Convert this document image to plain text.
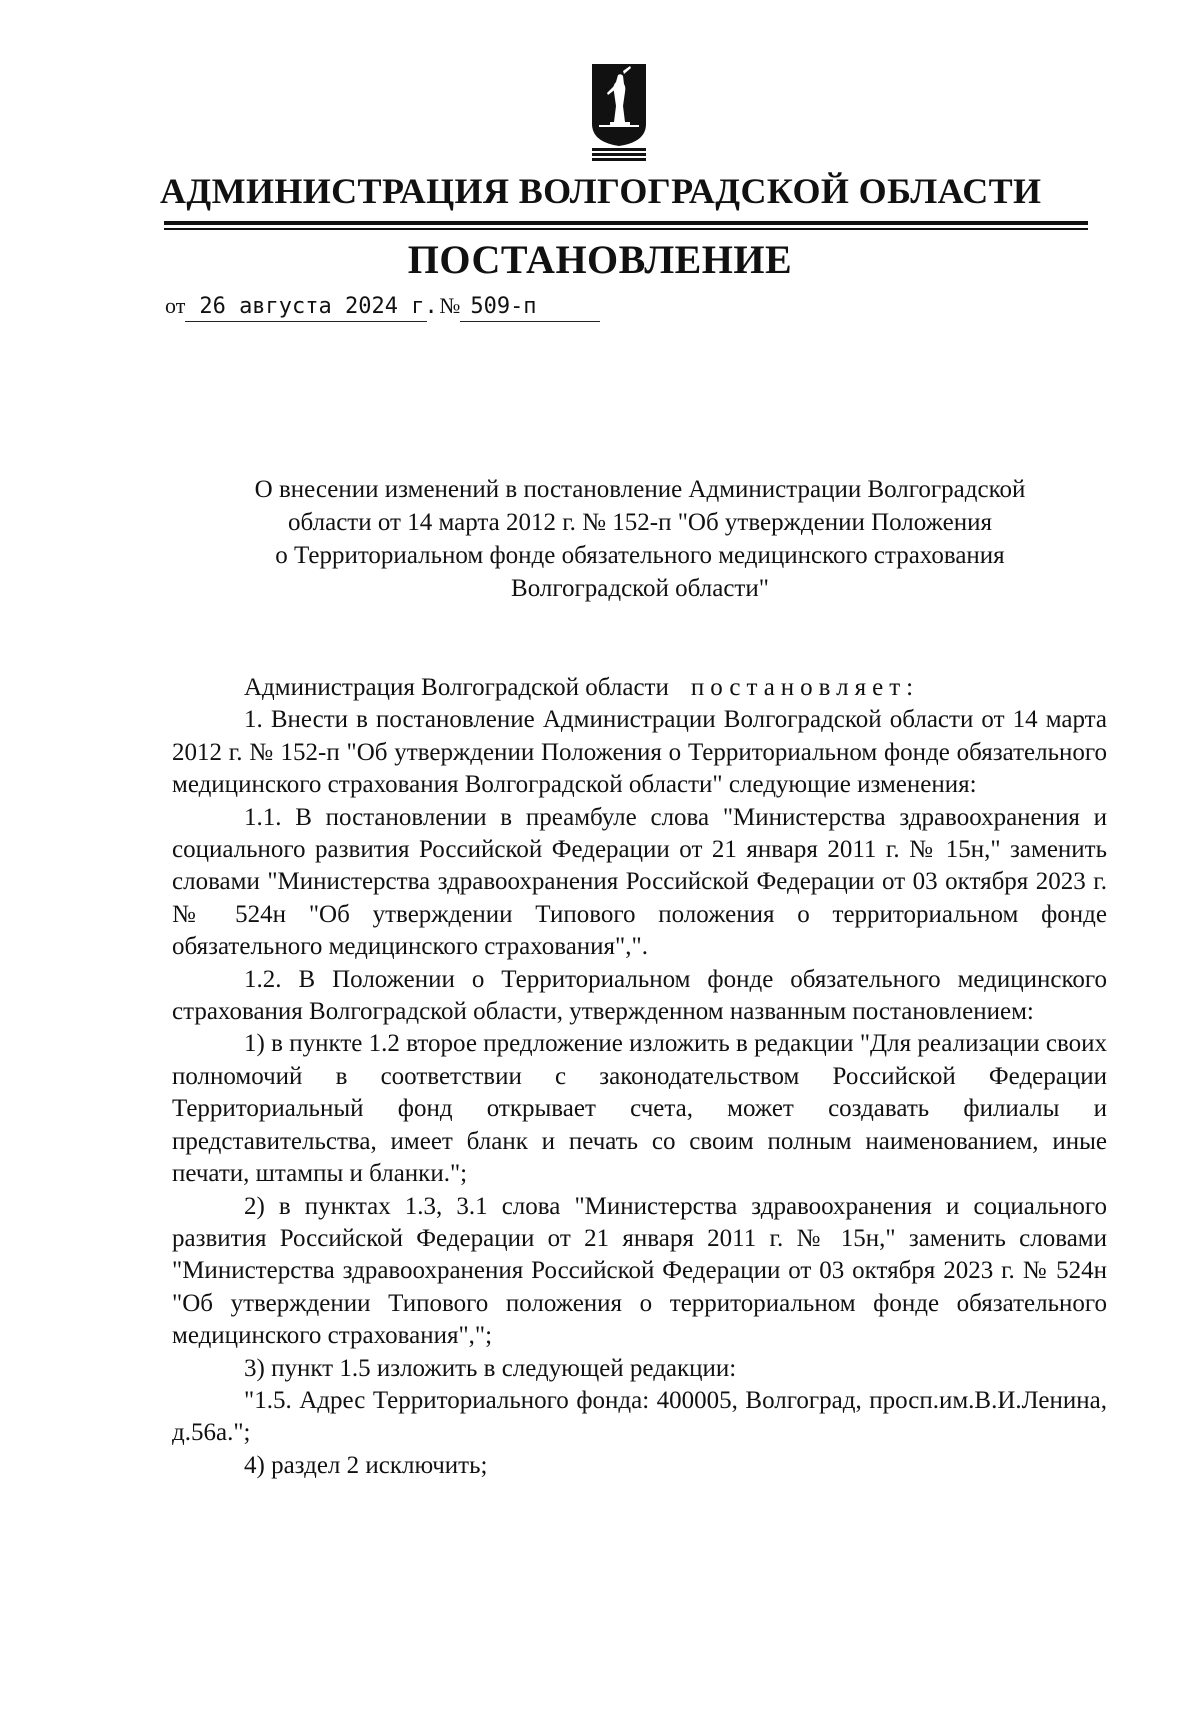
АДМИНИСТРАЦИЯ ВОЛГОГРАДСКОЙ ОБЛАСТИ
ПОСТАНОВЛЕНИЕ
от 26 августа 2024 г.№ 509-п
О внесении изменений в постановление Администрации Волгоградской
области от 14 марта 2012 г. № 152-п "Об утверждении Положения
о Территориальном фонде обязательного медицинского страхования
Волгоградской области"

Администрация Волгоградской области постановляет:

1. Внести в постановление Администрации Волгоградской области от 14 марта 2012 г. № 152-п "Об утверждении Положения о Территориальном фонде обязательного медицинского страхования Волгоградской области" следующие изменения:

1.1. В постановлении в преамбуле слова "Министерства здравоохранения и социального развития Российской Федерации от 21 января 2011 г. № 15н," заменить словами "Министерства здравоохранения Российской Федерации от 03 октября 2023 г. № 524н "Об утверждении Типового положения о территориальном фонде обязательного медицинского страхования",".

1.2. В Положении о Территориальном фонде обязательного медицинского страхования Волгоградской области, утвержденном названным постановлением:

1) в пункте 1.2 второе предложение изложить в редакции "Для реализации своих полномочий в соответствии с законодательством Российской Федерации Территориальный фонд открывает счета, может создавать филиалы и представительства, имеет бланк и печать со своим полным наименованием, иные печати, штампы и бланки.";

2) в пунктах 1.3, 3.1 слова "Министерства здравоохранения и социального развития Российской Федерации от 21 января 2011 г. № 15н," заменить словами "Министерства здравоохранения Российской Федерации от 03 октября 2023 г. № 524н "Об утверждении Типового положения о территориальном фонде обязательного медицинского страхования",";

3) пункт 1.5 изложить в следующей редакции:

"1.5. Адрес Территориального фонда: 400005, Волгоград, просп.им.В.И.Ленина, д.56а.";

4) раздел 2 исключить;
